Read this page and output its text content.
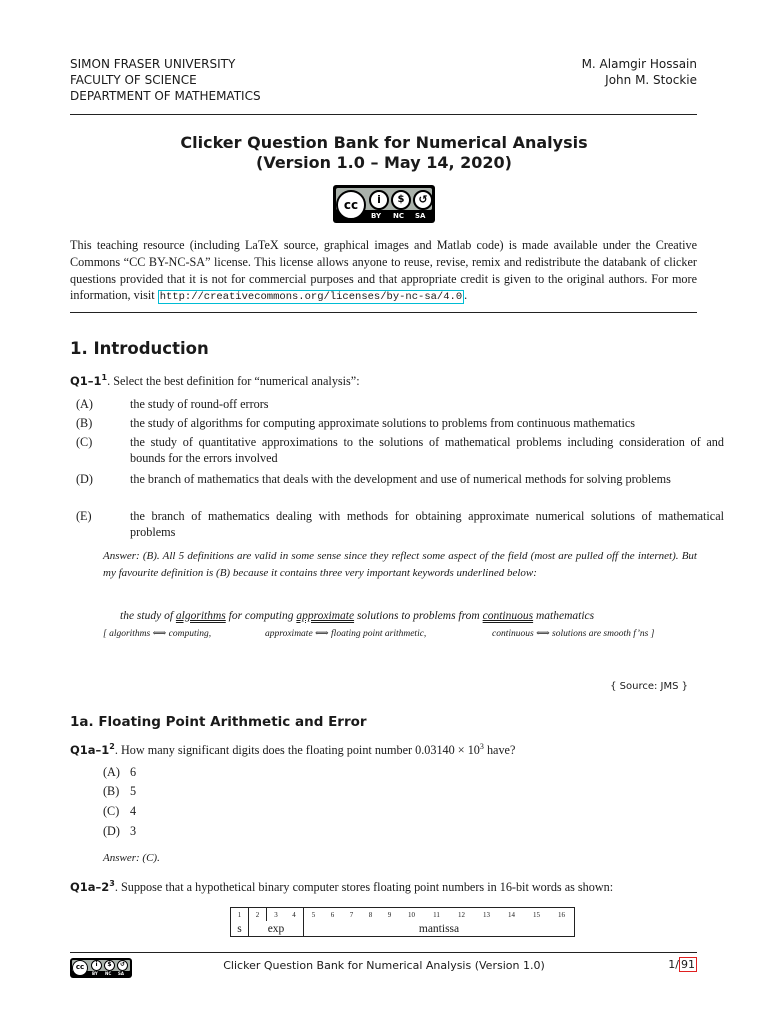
SIMON FRASER UNIVERSITY
FACULTY OF SCIENCE
DEPARTMENT OF MATHEMATICS
M. Alamgir Hossain
John M. Stockie
Clicker Question Bank for Numerical Analysis
(Version 1.0 – May 14, 2020)
cc	i	$	↺
BY NC SA
This teaching resource (including LaTeX source, graphical images and Matlab code) is made available under the Creative Commons “CC BY-NC-SA” license. This license allows anyone to reuse, revise, remix and redistribute the databank of clicker questions provided that it is not for commercial purposes and that appropriate credit is given to the original authors. For more information, visit http://creativecommons.org/licenses/by-nc-sa/4.0 .
1. Introduction
$Q1-1^1$. Select the best definition for “numerical analysis”:
(A)	the study of round-off errors
(B)	the study of algorithms for computing approximate solutions to problems from continuous mathematics
(C)	the study of quantitative approximations to the solutions of mathematical problems including consideration of and bounds for the errors involved
(D)	the branch of mathematics that deals with the development and use of numerical methods for solving problems
(E)	the branch of mathematics dealing with methods for obtaining approximate numerical solutions of mathematical problems
Answer: (B). All 5 definitions are valid in some sense since they reflect some aspect of the field (most are pulled off the internet). But my favourite definition is (B) because it contains three very important keywords underlined below:
the study of algorithms for computing approximate solutions to problems from continuous mathematics
[ algorithms ⟺ computing,	approximate ⟺ floating point arithmetic,	continuous ⟺ solutions are smooth f’ns ]
{ Source: JMS }
1a. Floating Point Arithmetic and Error
$Q1a-1^2$. How many significant digits does the floating point number $0.03140 \times 10^3$ have?
(A) 6
(B) 5
(C) 4
(D) 3
Answer: (C).
$Q1a-2^3$. Suppose that a hypothetical binary computer stores floating point numbers in 16-bit words as shown:
1	2	3	4	5	6	7	8	9	10	11	12	13	14	15	16
s	exp			mantissa											
cc	i	$	↺
BY NC SA
Clicker Question Bank for Numerical Analysis (Version 1.0)	1/ 91
